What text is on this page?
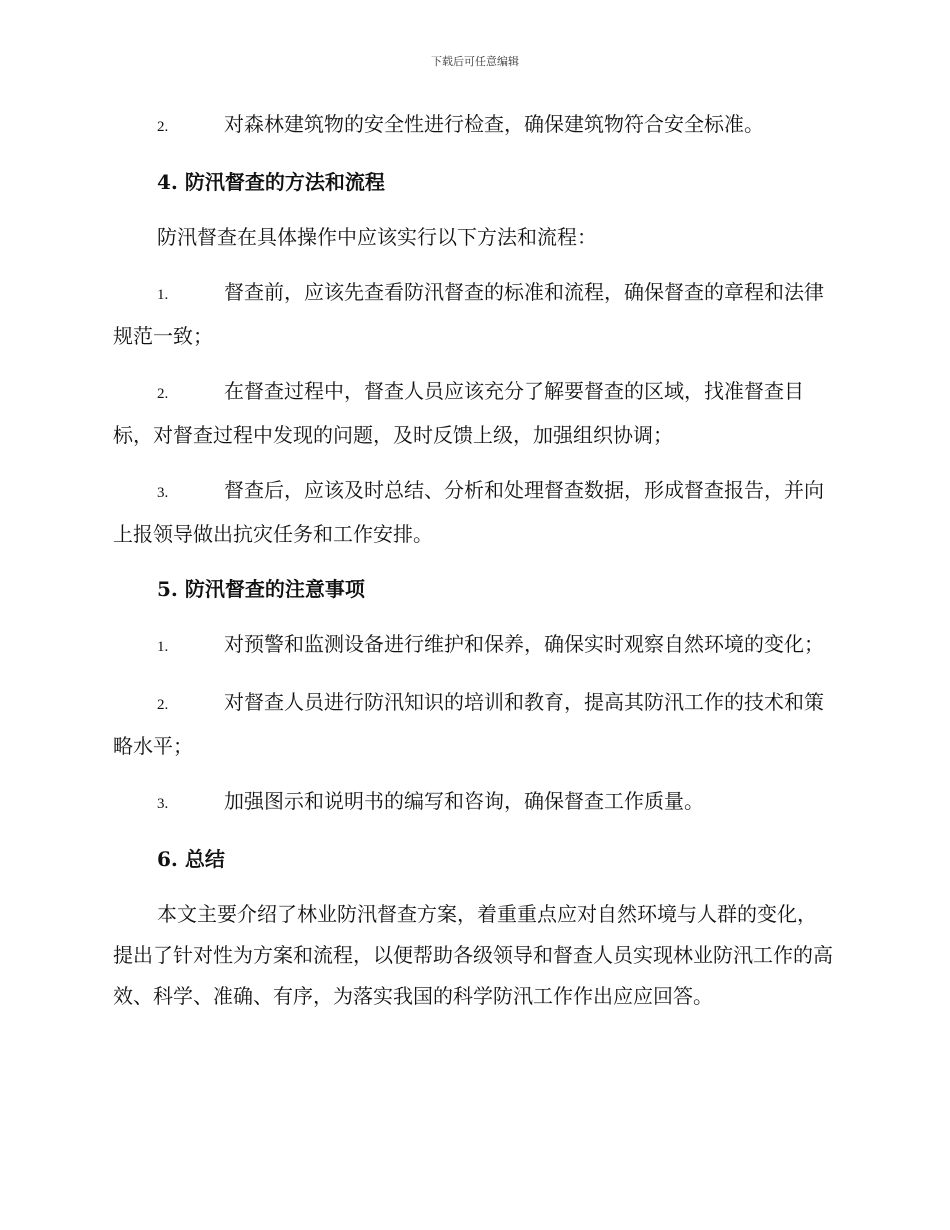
下载后可任意编辑

2.	对森林建筑物的安全性进行检查，确保建筑物符合安全标准。

4. 防汛督查的方法和流程

防汛督查在具体操作中应该实行以下方法和流程：

1.	督查前，应该先查看防汛督查的标准和流程，确保督查的章程和法律规范一致；

2.	在督查过程中，督查人员应该充分了解要督查的区域，找准督查目标，对督查过程中发现的问题，及时反馈上级，加强组织协调；

3.	督查后，应该及时总结、分析和处理督查数据，形成督查报告，并向上报领导做出抗灾任务和工作安排。

5. 防汛督查的注意事项

1.	对预警和监测设备进行维护和保养，确保实时观察自然环境的变化；

2.	对督查人员进行防汛知识的培训和教育，提高其防汛工作的技术和策略水平；

3.	加强图示和说明书的编写和咨询，确保督查工作质量。

6. 总结

本文主要介绍了林业防汛督查方案，着重重点应对自然环境与人群的变化，提出了针对性为方案和流程，以便帮助各级领导和督查人员实现林业防汛工作的高效、科学、准确、有序，为落实我国的科学防汛工作作出应应回答。
